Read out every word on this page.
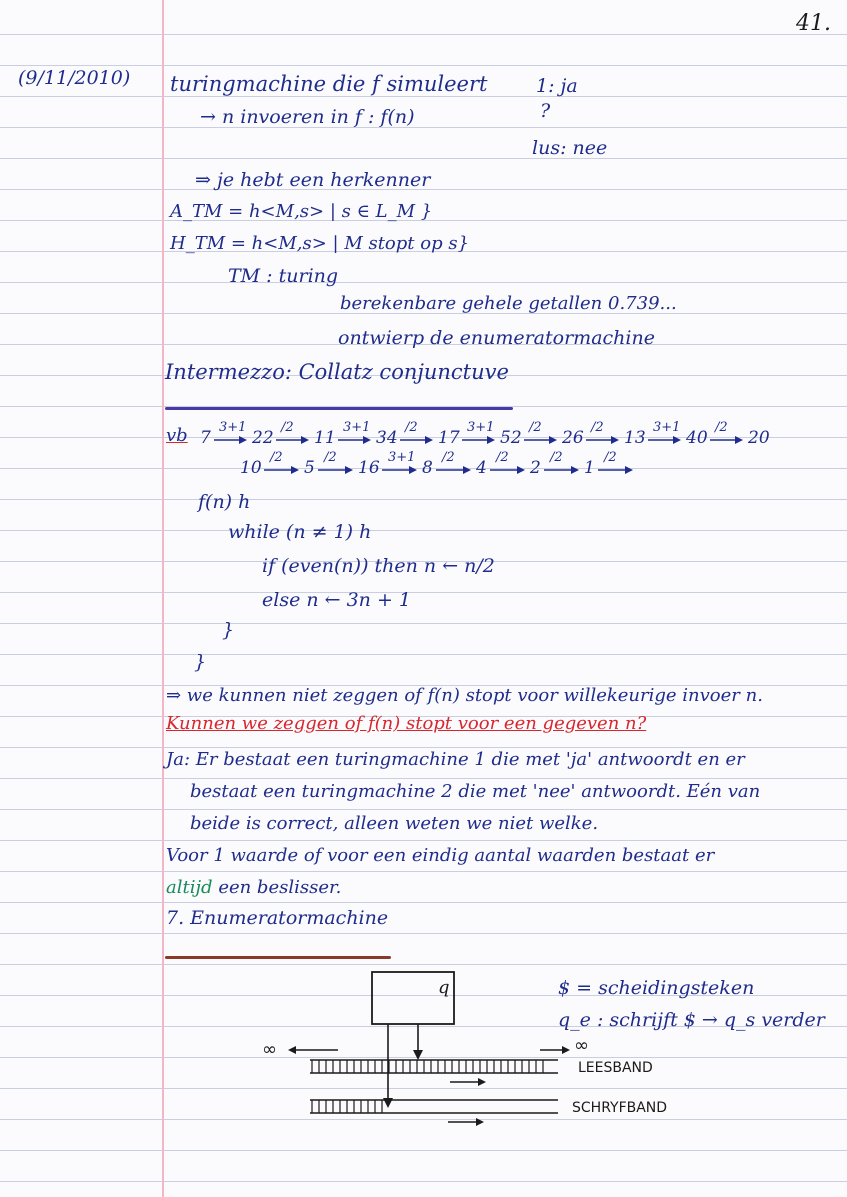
41.
(9/11/2010) turingmachine die f simuleert
→ n invoeren in f : f(n)
1: ja
?
lus: nee
⇒ je hebt een herkenner
A_TM = h<M,s> | s ∈ L_M }
H_TM = h<M,s> | M stopt op s}
TM : turing
berekenbare gehele getallen 0.739...
ontwierp de enumeratormachine
Intermezzo: Collatz conjunctuve
vb 7
3+1
22
/2
11
3+1
34
/2
17
3+1
52
/2
26
/2
13
3+1
40
/2
20
10
/2
5
/2
16
3+1
8
/2
4
/2
2
/2
1
/2
f(n) h
while (n ≠ 1) h
if (even(n)) then n ← n/2
else n ← 3n + 1
}
}
⇒ we kunnen niet zeggen of f(n) stopt voor willekeurige invoer n.
Kunnen we zeggen of f(n) stopt voor een gegeven n?
Ja: Er bestaat een turingmachine 1 die met 'ja' antwoordt en er
bestaat een turingmachine 2 die met 'nee' antwoordt. Eén van
beide is correct, alleen weten we niet welke.
Voor 1 waarde of voor een eindig aantal waarden bestaat er
altijd een beslisser.
7. Enumeratormachine
q
∞	∞
LEESBAND
SCHRYFBAND
$ = scheidingsteken
q_e : schrijft $ → q_s verder
